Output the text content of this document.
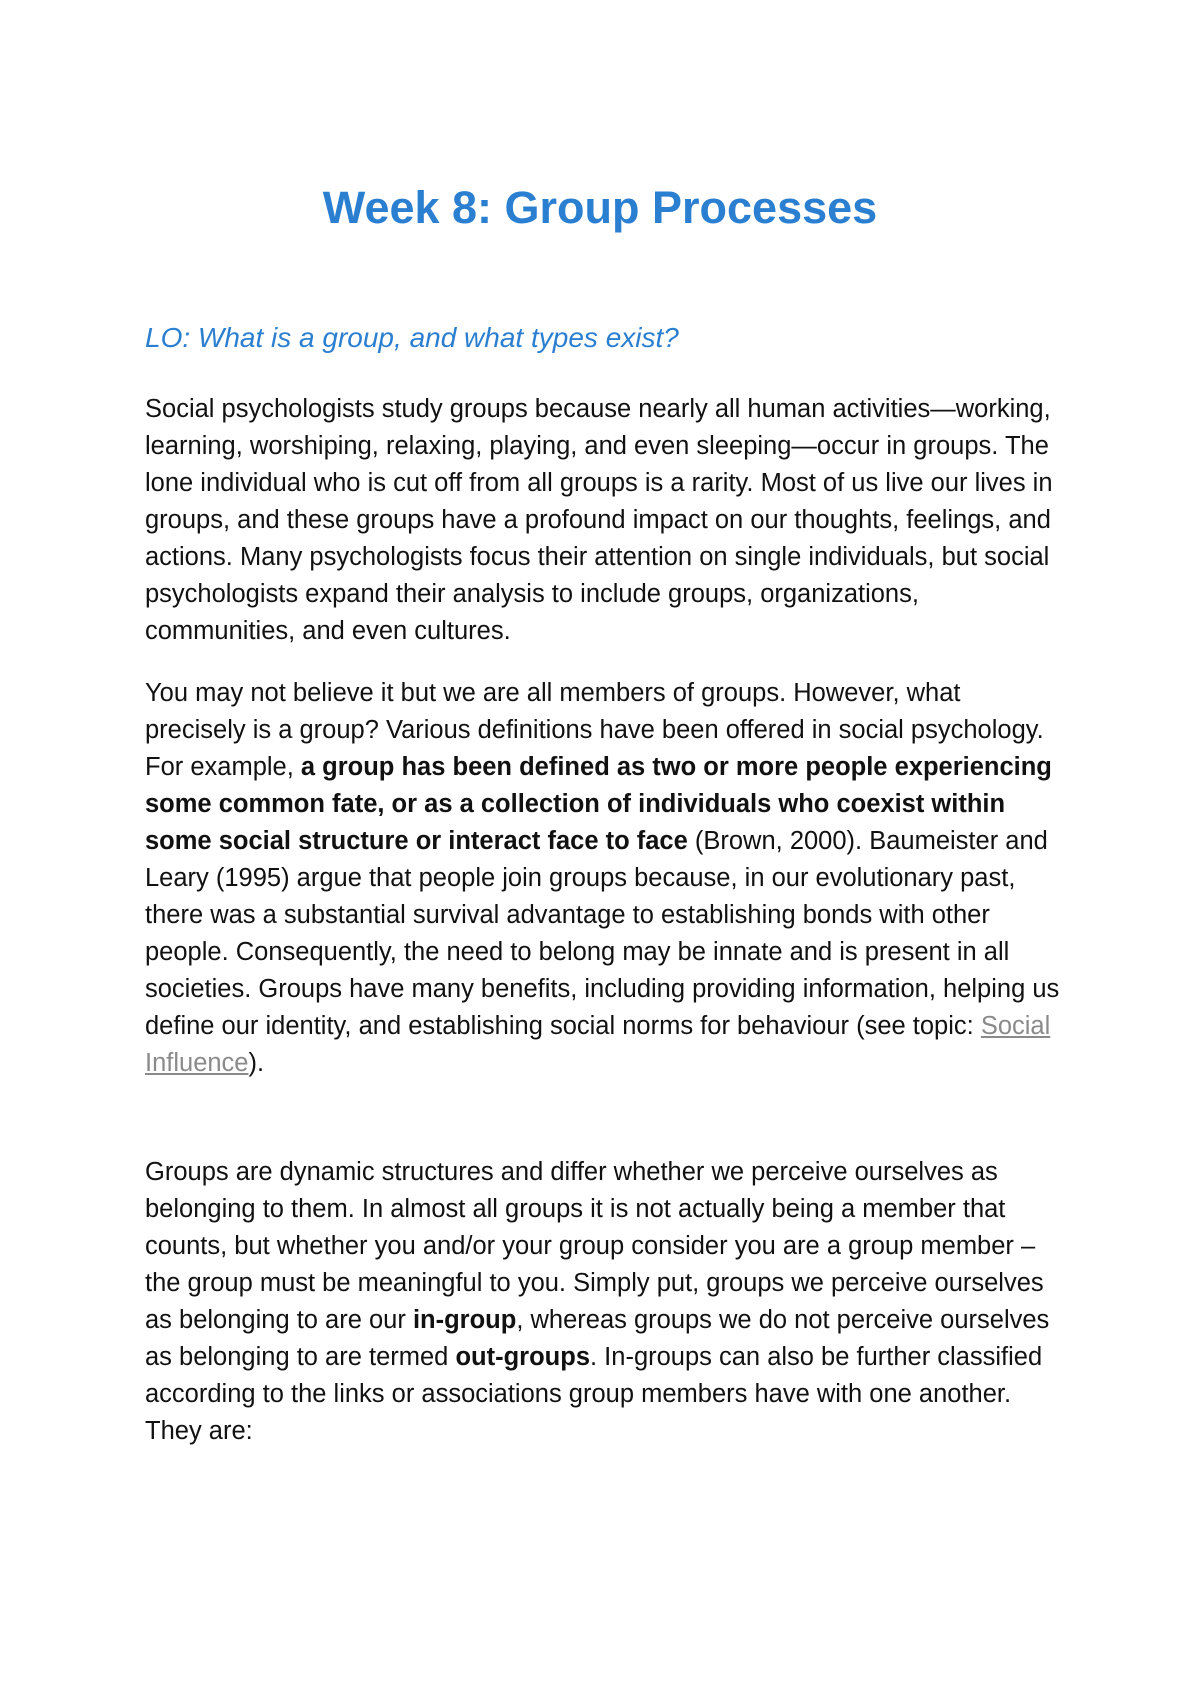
Week 8: Group Processes
LO: What is a group, and what types exist?

Social psychologists study groups because nearly all human activities—working, learning, worshiping, relaxing, playing, and even sleeping—occur in groups. The lone individual who is cut off from all groups is a rarity. Most of us live our lives in groups, and these groups have a profound impact on our thoughts, feelings, and actions. Many psychologists focus their attention on single individuals, but social psychologists expand their analysis to include groups, organizations, communities, and even cultures.

You may not believe it but we are all members of groups. However, what precisely is a group? Various definitions have been offered in social psychology. For example, a group has been defined as two or more people experiencing some common fate, or as a collection of individuals who coexist within some social structure or interact face to face (Brown, 2000). Baumeister and Leary (1995) argue that people join groups because, in our evolutionary past, there was a substantial survival advantage to establishing bonds with other people. Consequently, the need to belong may be innate and is present in all societies. Groups have many benefits, including providing information, helping us define our identity, and establishing social norms for behaviour (see topic: Social Influence).

Groups are dynamic structures and differ whether we perceive ourselves as belonging to them. In almost all groups it is not actually being a member that counts, but whether you and/or your group consider you are a group member – the group must be meaningful to you. Simply put, groups we perceive ourselves as belonging to are our in-group, whereas groups we do not perceive ourselves as belonging to are termed out-groups. In-groups can also be further classified according to the links or associations group members have with one another. They are:
